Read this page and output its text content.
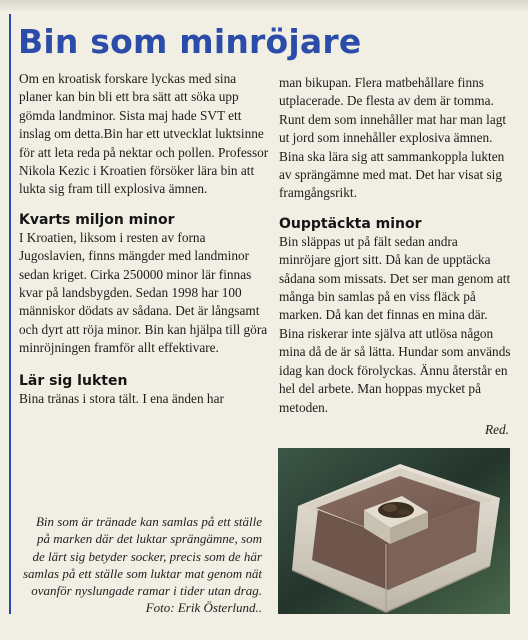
Bin som minröjare

Om en kroatisk forskare lyckas med sina planer kan bin bli ett bra sätt att söka upp gömda landminor. Sista maj hade SVT ett inslag om detta.Bin har ett utvecklat luktsinne för att leta reda på nektar och pollen. Professor Nikola Kezic i Kroatien försöker lära bin att lukta sig fram till explosiva ämnen.

Kvarts miljon minor

I Kroatien, liksom i resten av forna Jugoslavien, finns mängder med landminor sedan kriget. Cirka 250000 minor lär finnas kvar på landsbygden. Sedan 1998 har 100 människor dödats av sådana. Det är långsamt och dyrt att röja minor. Bin kan hjälpa till göra minröjningen framför allt effektivare.

Lär sig lukten

Bina tränas i stora tält. I ena änden har

man bikupan. Flera matbehållare finns utplacerade. De flesta av dem är tomma. Runt dem som innehåller mat har man lagt ut jord som innehåller explosiva ämnen. Bina ska lära sig att sammankoppla lukten av sprängämne med mat. Det har visat sig framgångsrikt.

Oupptäckta minor

Bin släppas ut på fält sedan andra minröjare gjort sitt. Då kan de upptäcka sådana som missats. Det ser man genom att många bin samlas på en viss fläck på marken. Då kan det finnas en mina där. Bina riskerar inte själva att utlösa någon mina då de är så lätta. Hundar som används idag kan dock förolyckas. Ännu återstår en hel del arbete. Man hoppas mycket på metoden.

Red.

Bin som är tränade kan samlas på ett ställe på marken där det luktar sprängämne, som de lärt sig betyder socker, precis som de här samlas på ett ställe som luktar mat genom nät ovanför nyslungade ramar i tider utan drag. Foto: Erik Österlund..
